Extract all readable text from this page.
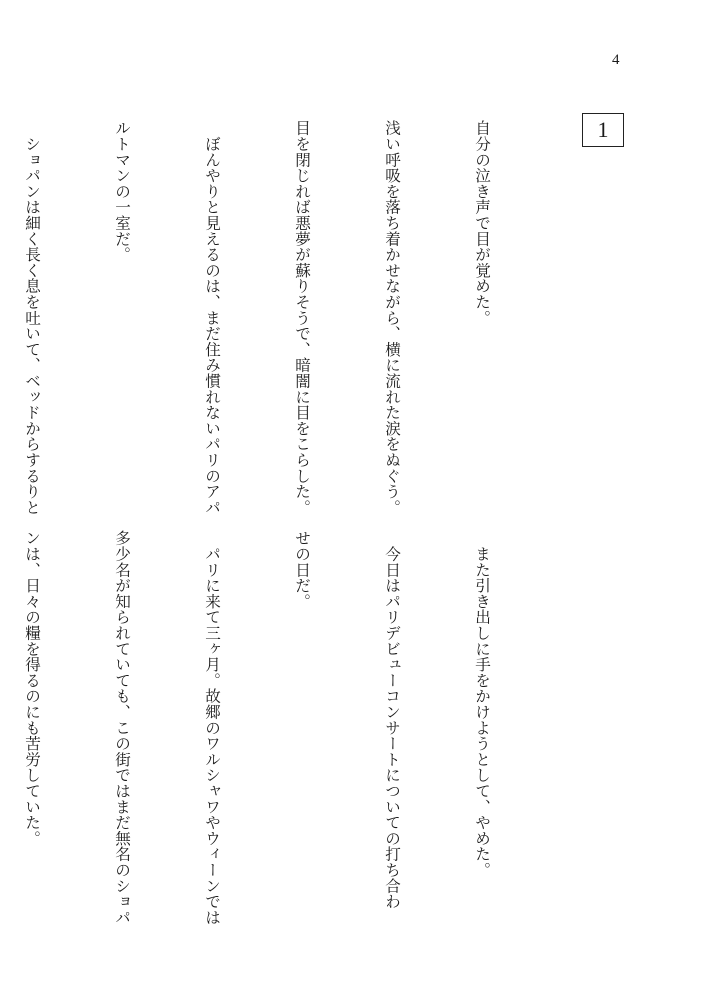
4
1

自分の泣き声で目が覚めた。

浅い呼吸を落ち着かせながら、横に流れた涙をぬぐう。

目を閉じれば悪夢が蘇りそうで、暗闇に目をこらした。

　ぼんやりと見えるのは、まだ住み慣れないパリのアパ

ルトマンの一室だ。

　ショパンは細く長く息を吐いて、ベッドからするりと

　また引き出しに手をかけようとして、やめた。

　今日はパリデビューコンサートについての打ち合わ

せの日だ。

　パリに来て三ヶ月。故郷のワルシャワやウィーンでは

多少名が知られていても、この街ではまだ無名のショパ

ンは、日々の糧を得るのにも苦労していた。
